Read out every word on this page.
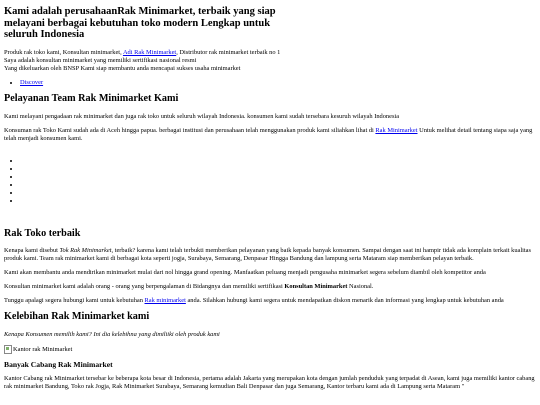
Kami adalah perusahaanRak Minimarket, terbaik yang siap melayani berbagai kebutuhan toko modern Lengkap untuk seluruh Indonesia

Produk rak toko kami, Konsultan minimarket, Adi Rak Minimarket, Distributor rak minimarket terbaik no 1
Saya adalah konsultan minimarket yang memiliki sertifikasi nasional resmi
Yang dikeluarkan oleh BNSP Kami siap membantu anda mencapai sukses usaha minimarket

• Discover
Pelayanan Team Rak Minimarket Kami

Kami melayani pengadaan rak minimarket dan juga rak toko untuk seluruh wilayah Indonesia. konsumen kami sudah tersebara kesuruh wilayah Indonesia

Konsuman rak Toko Kami sudah ada di Aceh hingga papua. berbagai institusi dan perusahaan telah menggunakan produk kami siliahkan lihat di Rak Minimarket Untuk melihat detail tentang siapa saja yang telah menjadi konsumen kami.

•
•
•
•
•
•
Rak Toko terbaik

Kenapa kami disebut Tok Rak Minimarket, terbaik? karena kami telah terbukti memberikan pelayanan yang baik kepada banyak konsumen. Sampai dengan saat ini hampir tidak ada komplain terkait kualitas produk kami. Team rak minimarket kami di berbagai kota seperti jogja, Surabaya, Semarang, Denpasar Hingga Bandung dan lampung serta Mataram siap memberikan pelayan terbaik.

Kami akan membantu anda mendirikan minimarket mulai dari nol hingga grand opening. Manfaatkan peluang menjadi pengusaha minimarket segera sebelum diambil oleh kompetitor anda

Konsultan minimarket kami adalah orang - orang yang berpengalaman di Bidangnya dan memiliki sertifikasi Konsultan Minimarket Nasional.

Tunggu apalagi segera hubungi kami untuk kebutuhan Rak minimarket anda. Silahkan hubungi kami segera untuk mendapatkan diskon menarik dan informasi yang lengkap untuk kebutuhan anda

Kelebihan Rak Minimarket kami

Kenapa Konsumen memilih kami? Ini dia kelebihna yang dimiliiki oleh produk kami

Kantor rak Minimarket
Banyak Cabang Rak Minimarket

Kantor Cabang rak Minimarket tersebar ke beberapa kota besar di Indonesia, pertama adalah Jakarta yang merupakan kota dengan jumlah penduduk yang terpadat di Asean, kami juga memiliki kantor cabang rak minimarket Bandung, Toko rak Jogja, Rak Minimarket Surabaya, Semarang kemudian Bali Denpasar dan juga Semarang, Kantor terbaru kami ada di Lampung serta Mataram "
